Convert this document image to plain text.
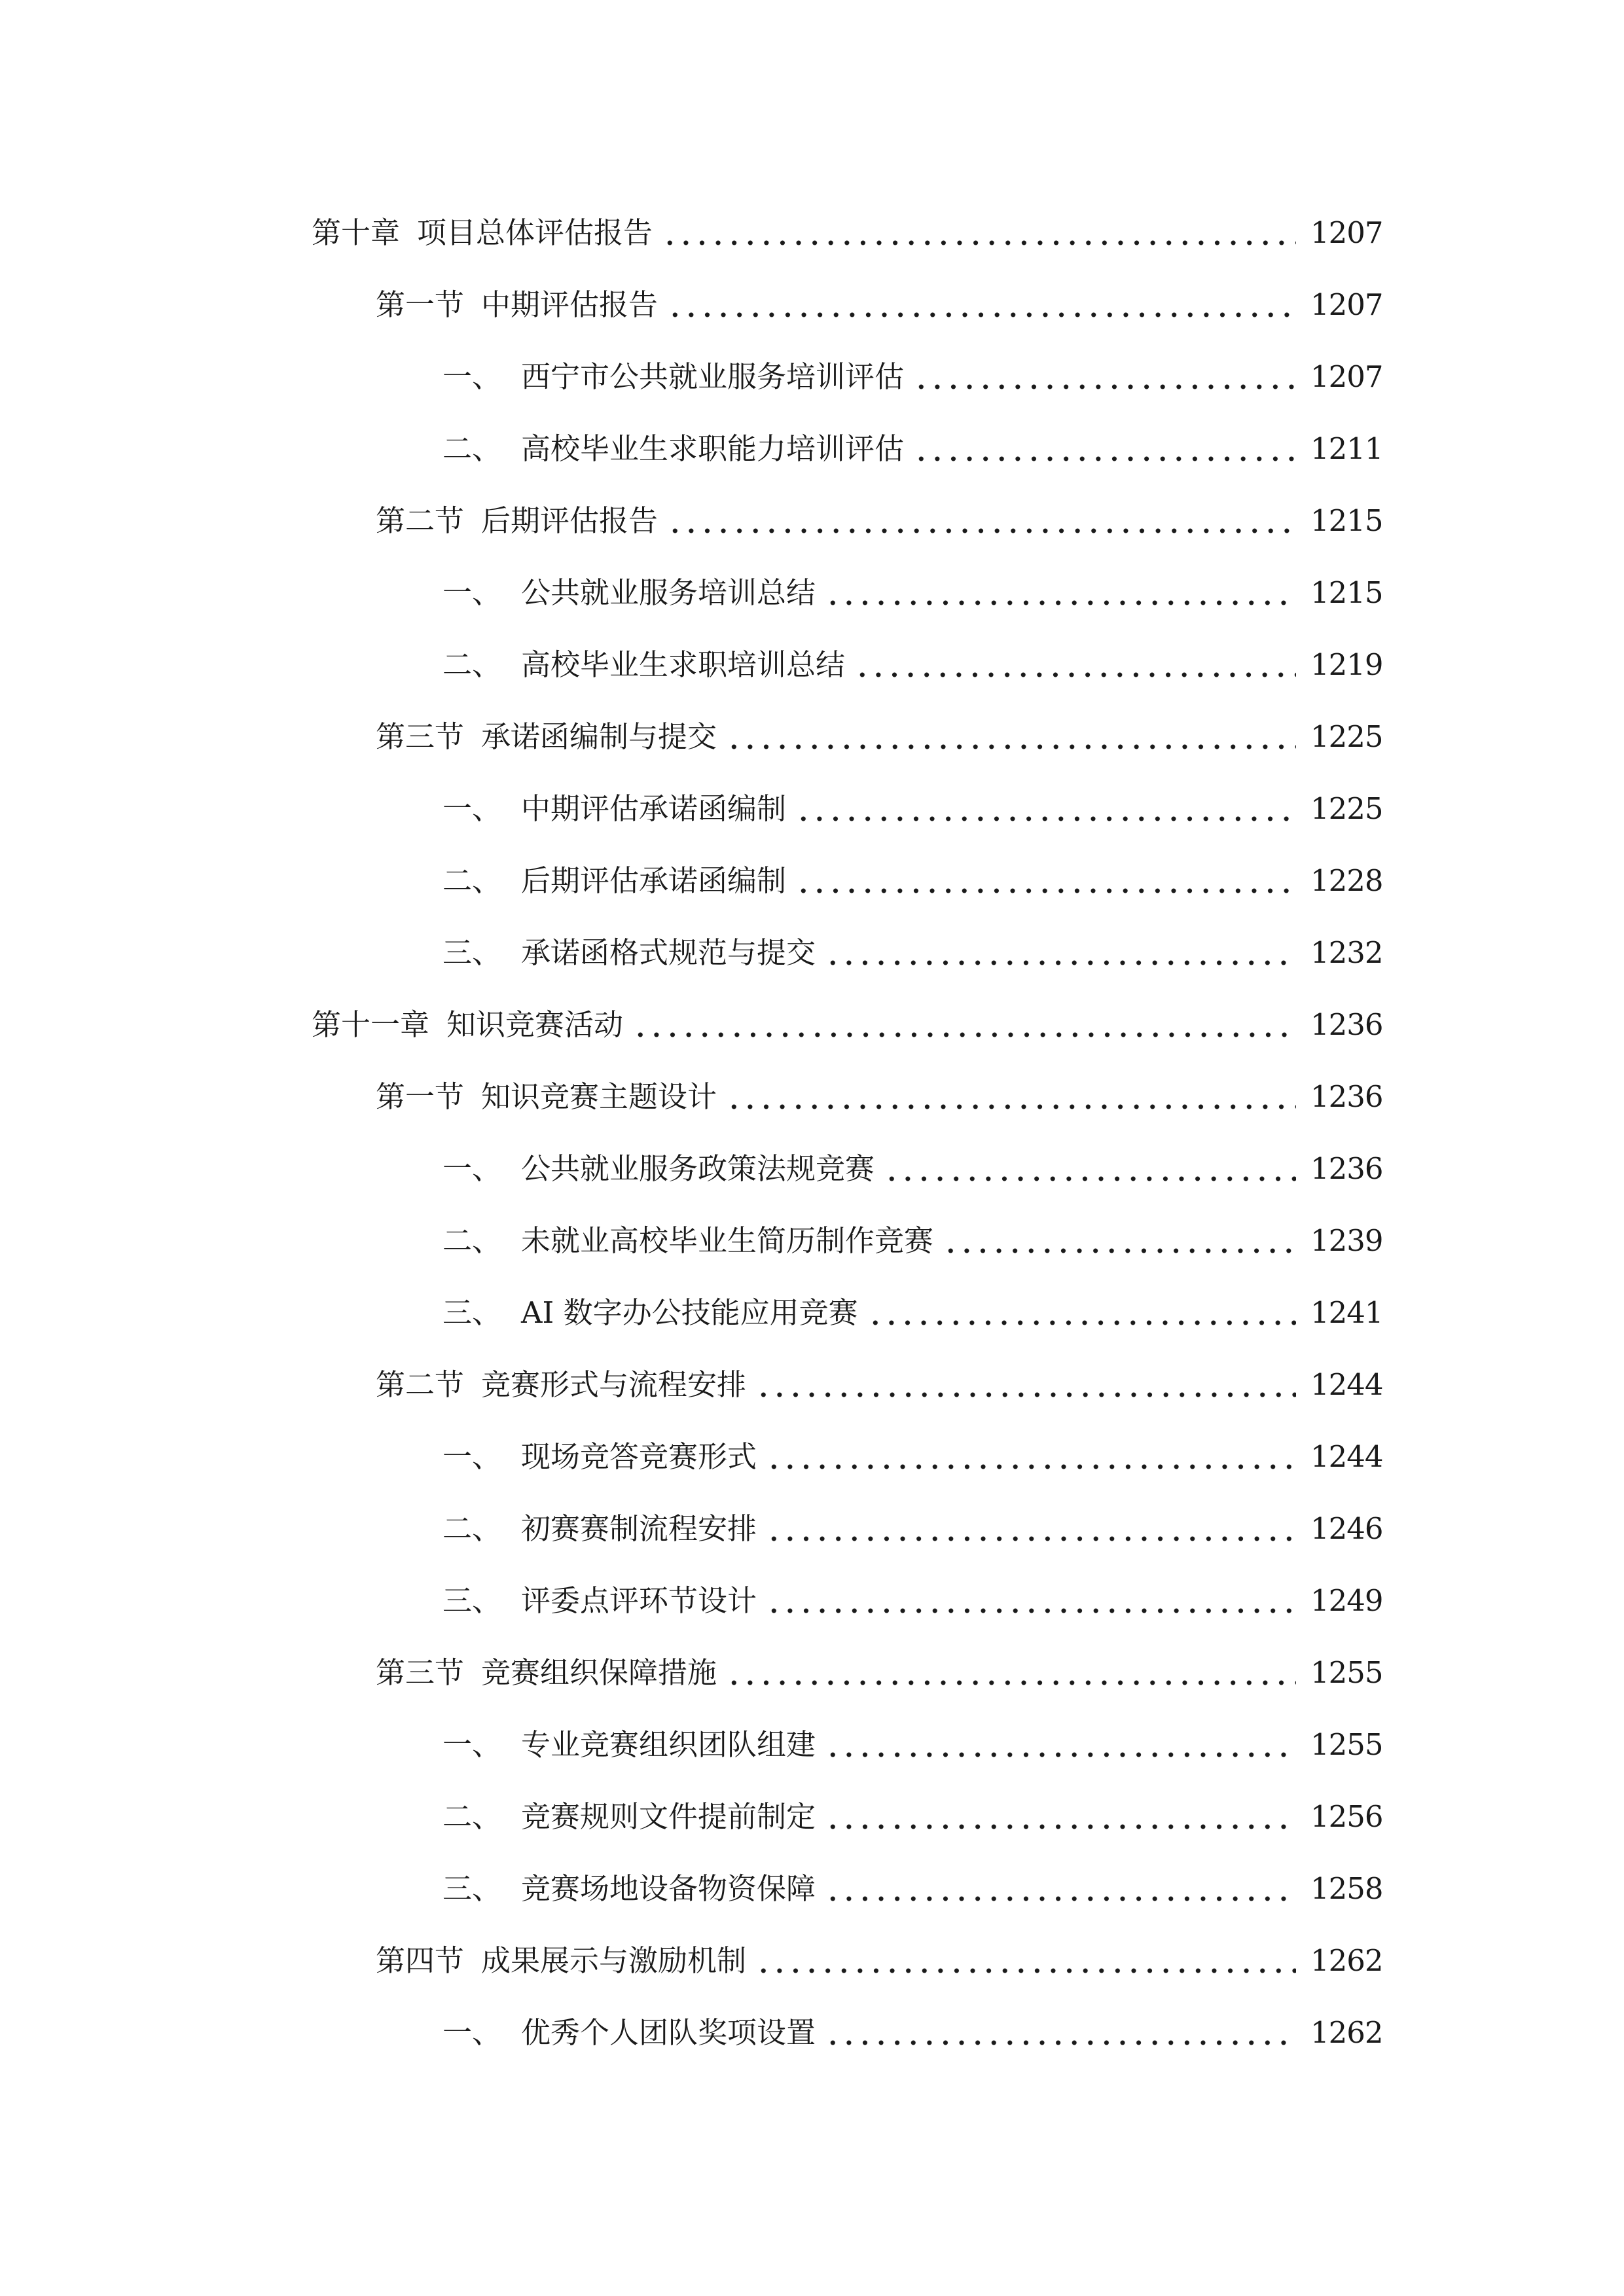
第十章 项目总体评估报告	1207
第一节 中期评估报告	1207
一、 西宁市公共就业服务培训评估	1207
二、 高校毕业生求职能力培训评估	1211
第二节 后期评估报告	1215
一、 公共就业服务培训总结	1215
二、 高校毕业生求职培训总结	1219
第三节 承诺函编制与提交	1225
一、 中期评估承诺函编制	1225
二、 后期评估承诺函编制	1228
三、 承诺函格式规范与提交	1232
第十一章 知识竞赛活动	1236
第一节 知识竞赛主题设计	1236
一、 公共就业服务政策法规竞赛	1236
二、 未就业高校毕业生简历制作竞赛	1239
三、 AI 数字办公技能应用竞赛	1241
第二节 竞赛形式与流程安排	1244
一、 现场竞答竞赛形式	1244
二、 初赛赛制流程安排	1246
三、 评委点评环节设计	1249
第三节 竞赛组织保障措施	1255
一、 专业竞赛组织团队组建	1255
二、 竞赛规则文件提前制定	1256
三、 竞赛场地设备物资保障	1258
第四节 成果展示与激励机制	1262
一、 优秀个人团队奖项设置	1262
